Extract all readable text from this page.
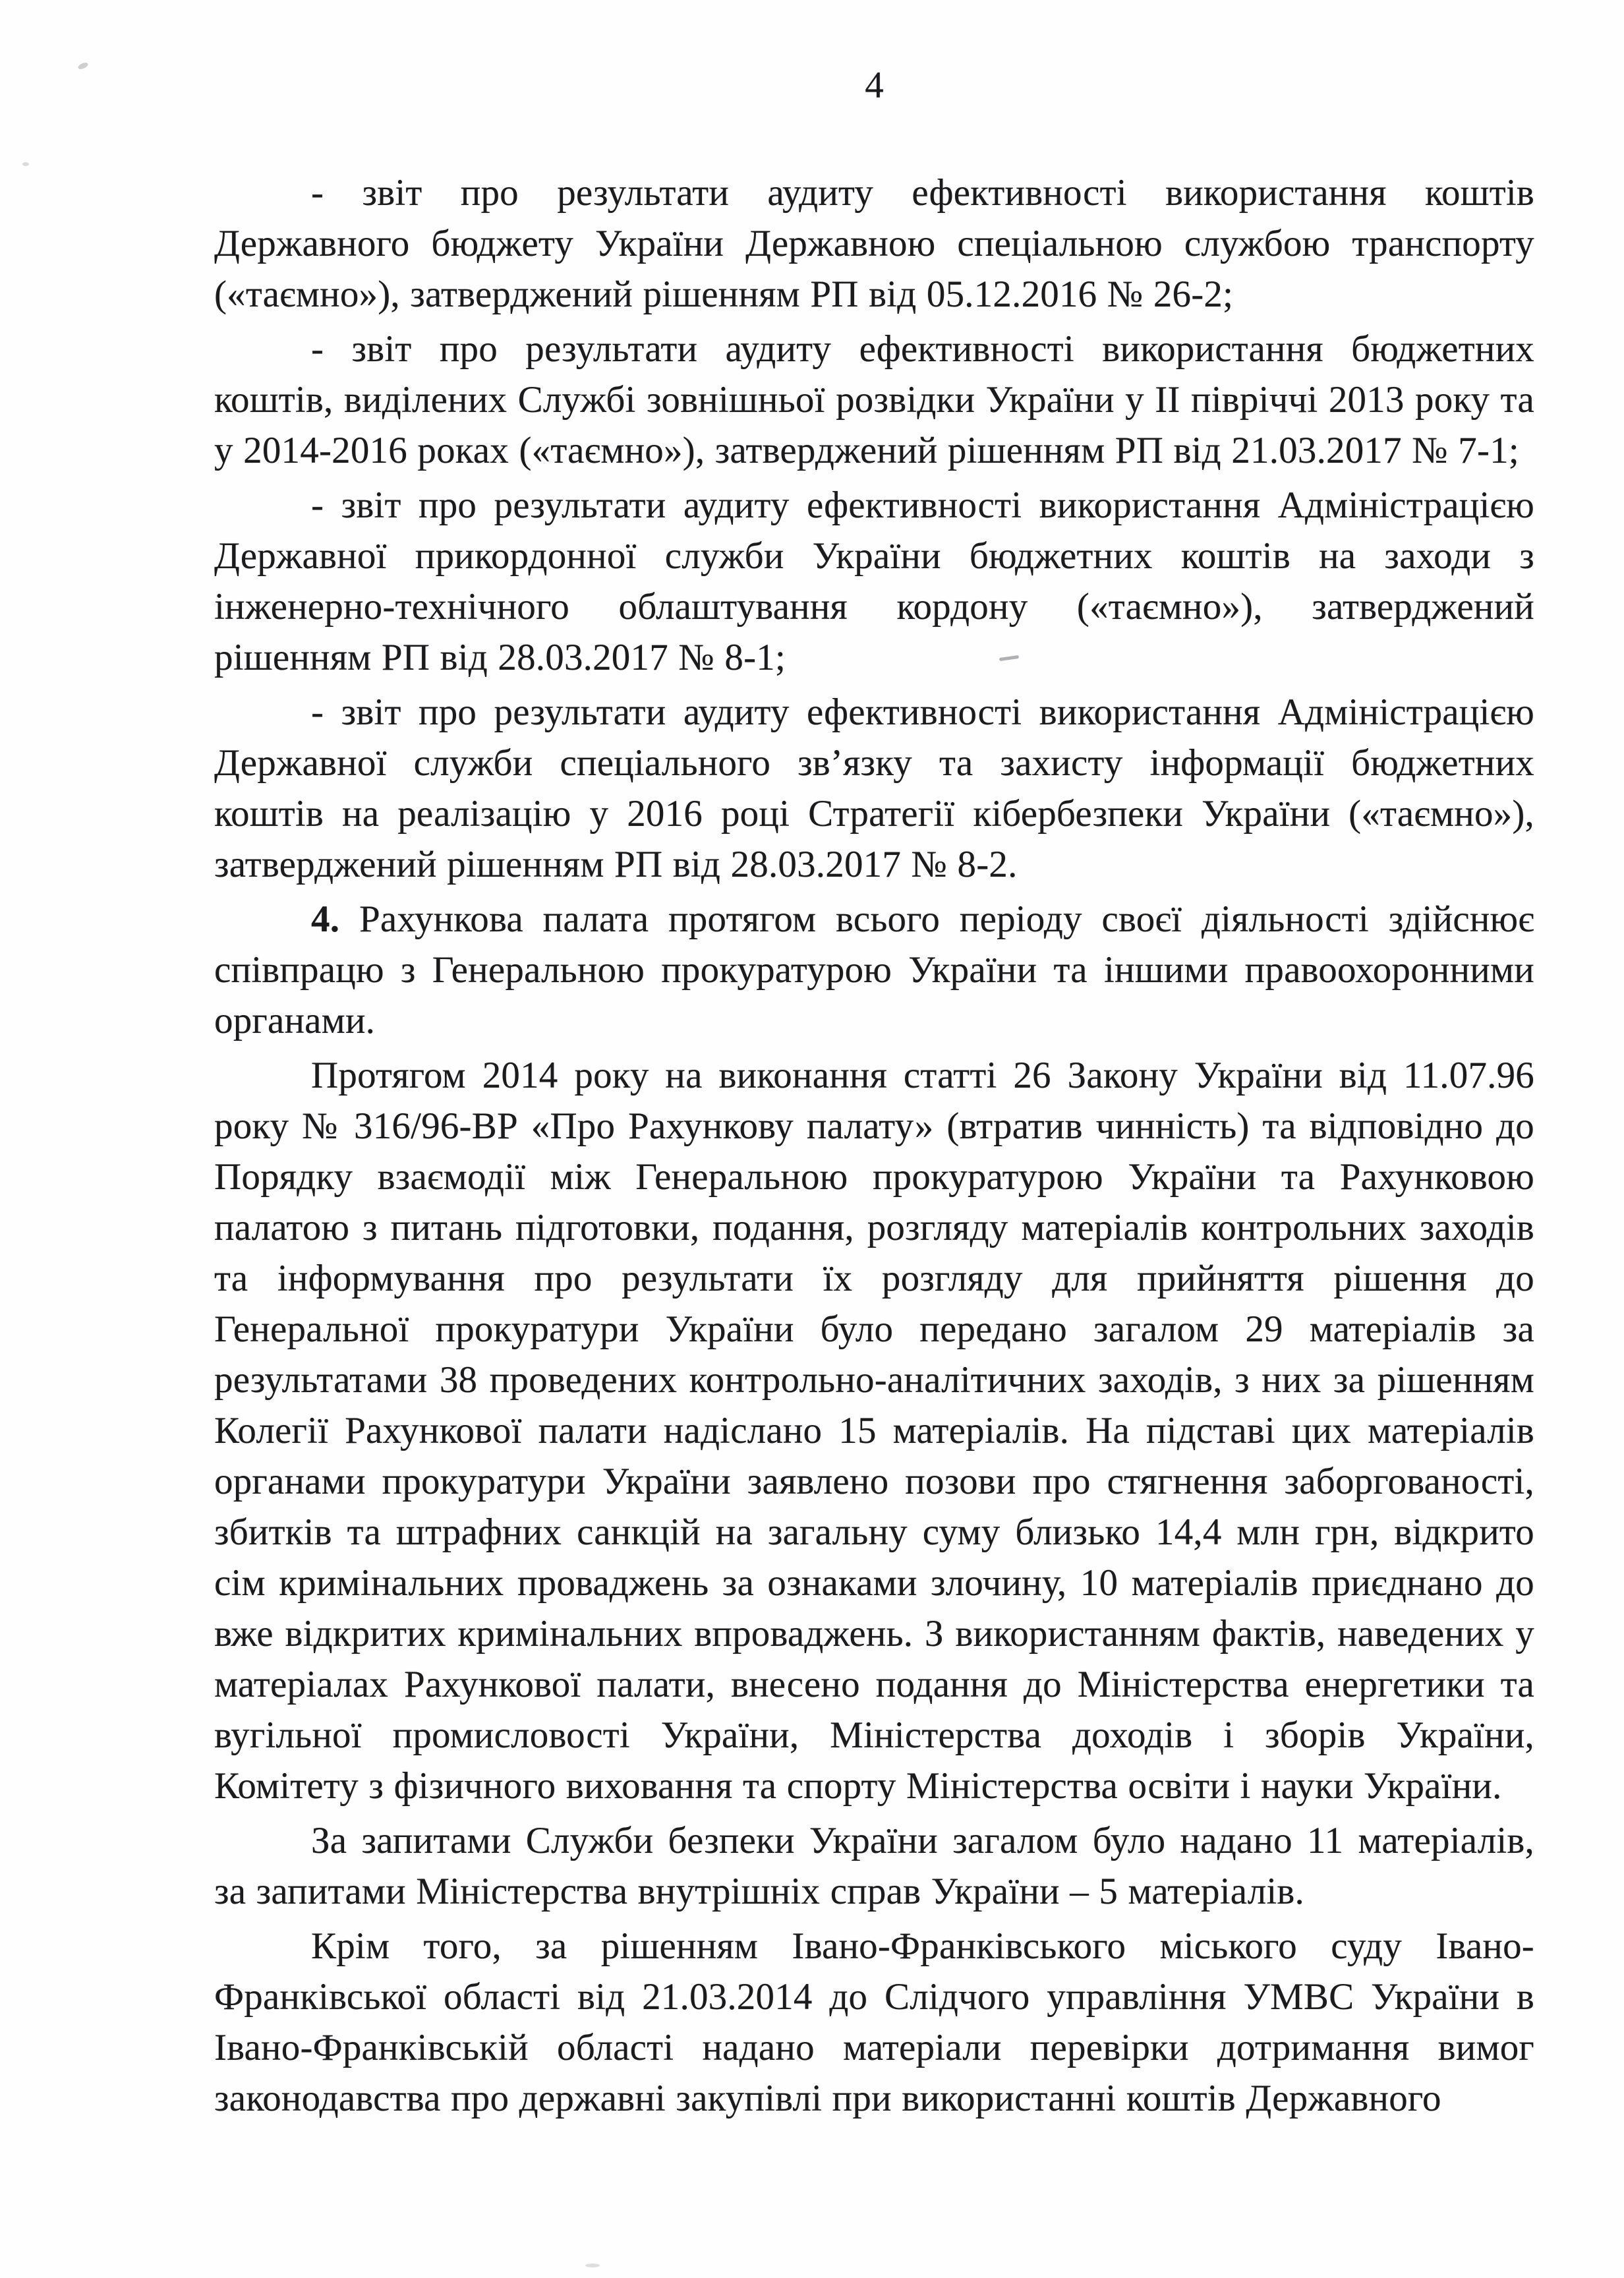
4

- звіт про результати аудиту ефективності використання коштів Державного бюджету України Державною спеціальною службою транспорту («таємно»), затверджений рішенням РП від 05.12.2016 № 26-2;

- звіт про результати аудиту ефективності використання бюджетних коштів, виділених Службі зовнішньої розвідки України у ІІ півріччі 2013 року та у 2014-2016 роках («таємно»), затверджений рішенням РП від 21.03.2017 № 7-1;

- звіт про результати аудиту ефективності використання Адміністрацією Державної прикордонної служби України бюджетних коштів на заходи з інженерно-технічного облаштування кордону («таємно»), затверджений рішенням РП від 28.03.2017 № 8-1;

- звіт про результати аудиту ефективності використання Адміністрацією Державної служби спеціального зв’язку та захисту інформації бюджетних коштів на реалізацію у 2016 році Стратегії кібербезпеки України («таємно»), затверджений рішенням РП від 28.03.2017 № 8-2.

4. Рахункова палата протягом всього періоду своєї діяльності здійснює співпрацю з Генеральною прокуратурою України та іншими правоохоронними органами.

Протягом 2014 року на виконання статті 26 Закону України від 11.07.96 року № 316/96-ВР «Про Рахункову палату» (втратив чинність) та відповідно до Порядку взаємодії між Генеральною прокуратурою України та Рахунковою палатою з питань підготовки, подання, розгляду матеріалів контрольних заходів та інформування про результати їх розгляду для прийняття рішення до Генеральної прокуратури України було передано загалом 29 матеріалів за результатами 38 проведених контрольно-аналітичних заходів, з них за рішенням Колегії Рахункової палати надіслано 15 матеріалів. На підставі цих матеріалів органами прокуратури України заявлено позови про стягнення заборгованості, збитків та штрафних санкцій на загальну суму близько 14,4 млн грн, відкрито сім кримінальних проваджень за ознаками злочину, 10 матеріалів приєднано до вже відкритих кримінальних впроваджень. З використанням фактів, наведених у матеріалах Рахункової палати, внесено подання до Міністерства енергетики та вугільної промисловості України, Міністерства доходів і зборів України, Комітету з фізичного виховання та спорту Міністерства освіти і науки України.

За запитами Служби безпеки України загалом було надано 11 матеріалів, за запитами Міністерства внутрішніх справ України – 5 матеріалів.

Крім того, за рішенням Івано-Франківського міського суду Івано-Франківської області від 21.03.2014 до Слідчого управління УМВС України в Івано-Франківській області надано матеріали перевірки дотримання вимог законодавства про державні закупівлі при використанні коштів Державного
